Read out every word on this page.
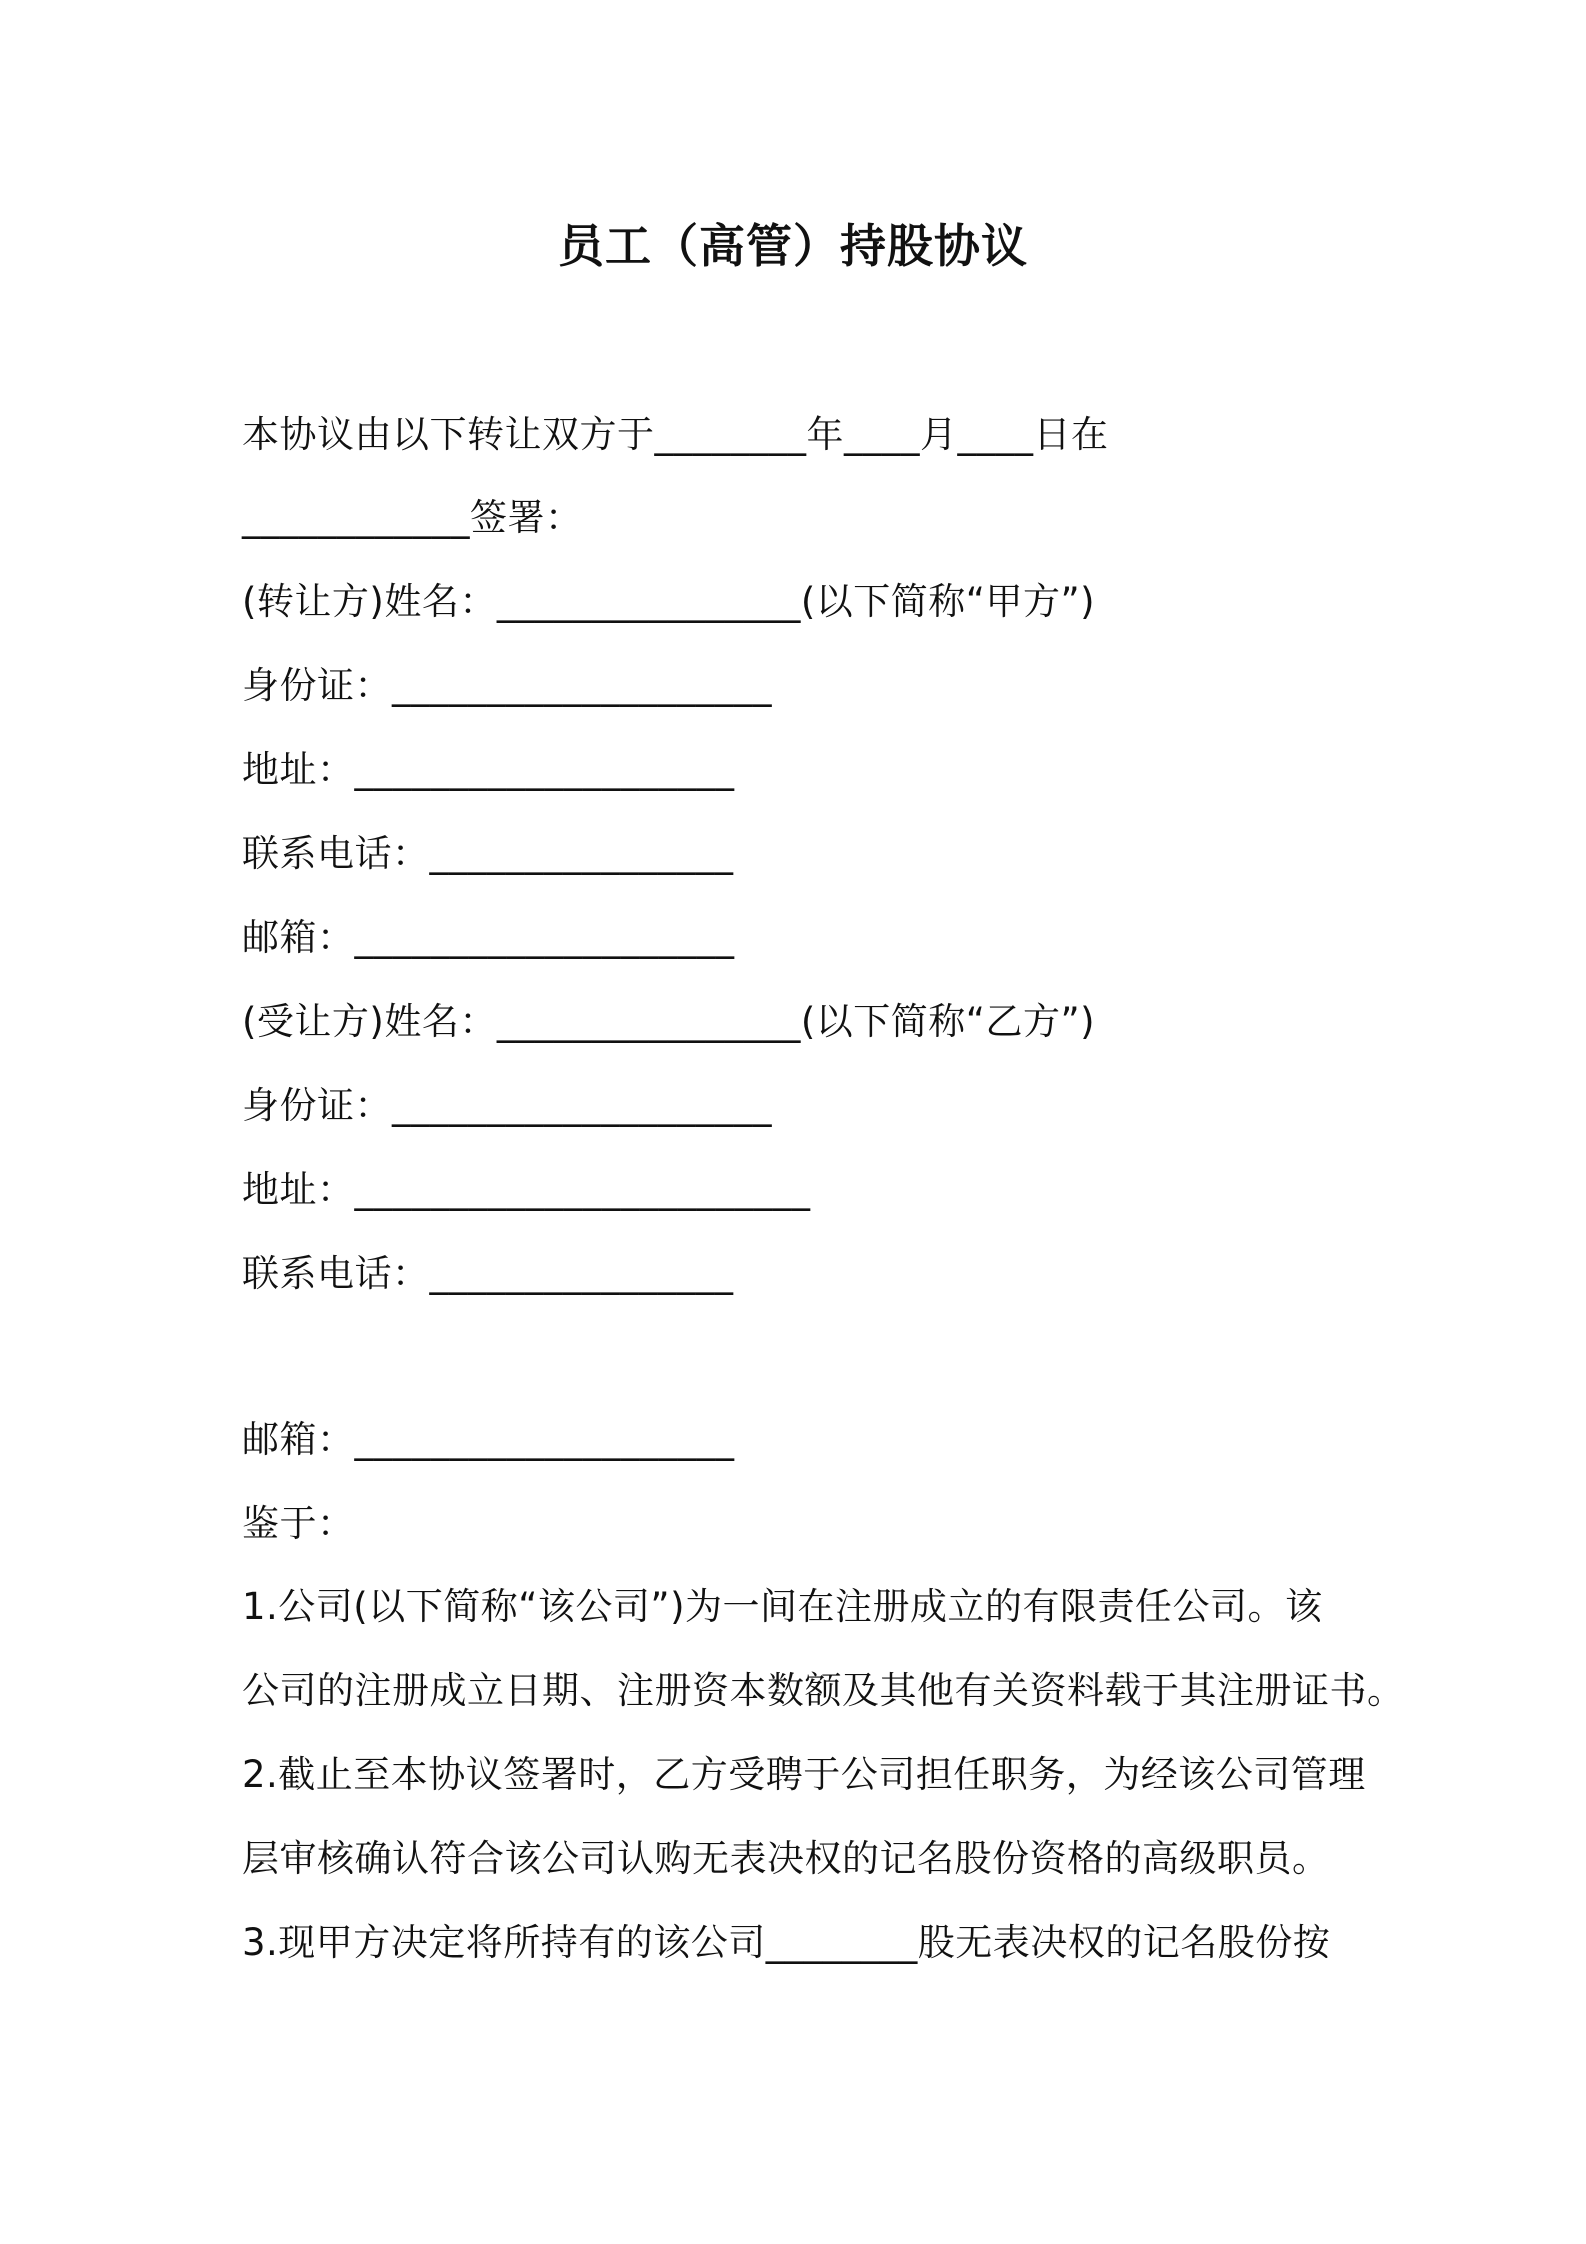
员工（高管）持股协议
本协议由以下转让双方于________年____月____日在
____________签署：
(转让方)姓名：________________(以下简称“甲方”)
身份证：____________________
地址：____________________
联系电话：________________
邮箱：____________________
(受让方)姓名：________________(以下简称“乙方”)
身份证：____________________
地址：________________________
联系电话：________________
邮箱：____________________
鉴于：
1.公司(以下简称“该公司”)为一间在注册成立的有限责任公司。该
公司的注册成立日期、注册资本数额及其他有关资料载于其注册证书。
2.截止至本协议签署时，乙方受聘于公司担任职务，为经该公司管理
层审核确认符合该公司认购无表决权的记名股份资格的高级职员。
3.现甲方决定将所持有的该公司________股无表决权的记名股份按
